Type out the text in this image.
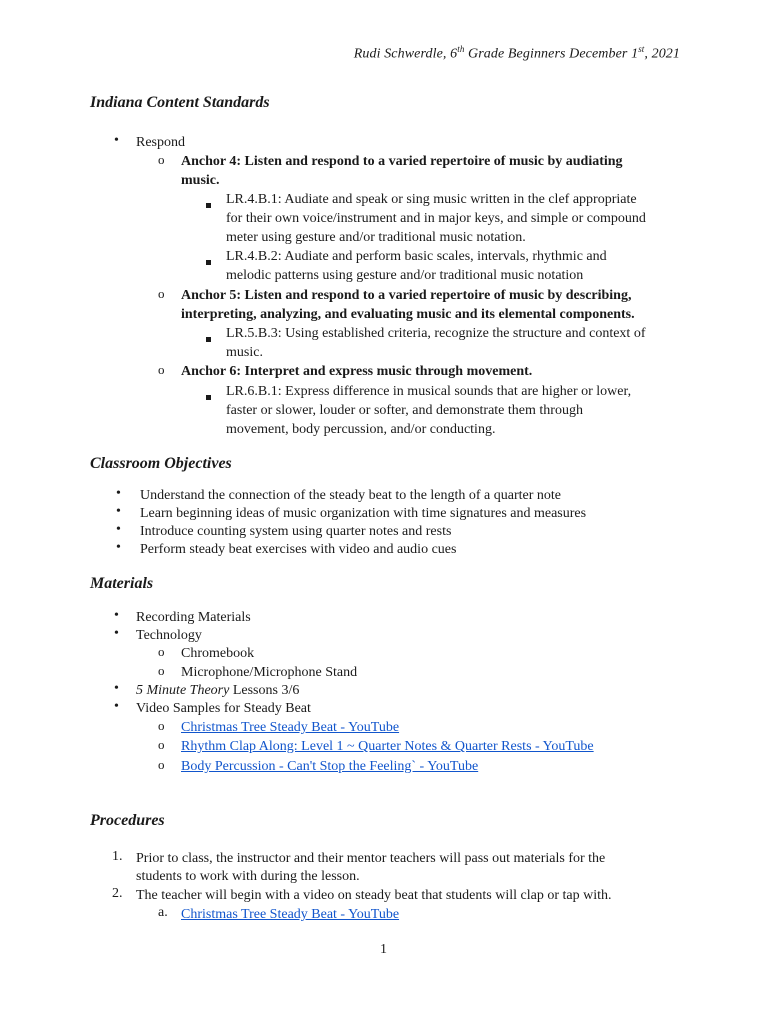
Rudi Schwerdle, 6th Grade Beginners December 1st, 2021
Indiana Content Standards
• Respond
o Anchor 4: Listen and respond to a varied repertoire of music by audiating
music.
LR.4.B.1: Audiate and speak or sing music written in the clef appropriate
for their own voice/instrument and in major keys, and simple or compound
meter using gesture and/or traditional music notation.
LR.4.B.2: Audiate and perform basic scales, intervals, rhythmic and
melodic patterns using gesture and/or traditional music notation
o Anchor 5: Listen and respond to a varied repertoire of music by describing,
interpreting, analyzing, and evaluating music and its elemental components.
LR.5.B.3: Using established criteria, recognize the structure and context of
music.
o Anchor 6: Interpret and express music through movement.
LR.6.B.1: Express difference in musical sounds that are higher or lower,
faster or slower, louder or softer, and demonstrate them through
movement, body percussion, and/or conducting.
Classroom Objectives
• Understand the connection of the steady beat to the length of a quarter note
• Learn beginning ideas of music organization with time signatures and measures
• Introduce counting system using quarter notes and rests
• Perform steady beat exercises with video and audio cues
Materials
• Recording Materials
• Technology
o Chromebook
o Microphone/Microphone Stand
• 5 Minute Theory Lessons 3/6
• Video Samples for Steady Beat
o Christmas Tree Steady Beat - YouTube
o Rhythm Clap Along: Level 1 ~ Quarter Notes & Quarter Rests - YouTube
o Body Percussion - Can't Stop the Feeling` - YouTube
Procedures
1. Prior to class, the instructor and their mentor teachers will pass out materials for the
students to work with during the lesson.
2. The teacher will begin with a video on steady beat that students will clap or tap with.
a. Christmas Tree Steady Beat - YouTube
1
